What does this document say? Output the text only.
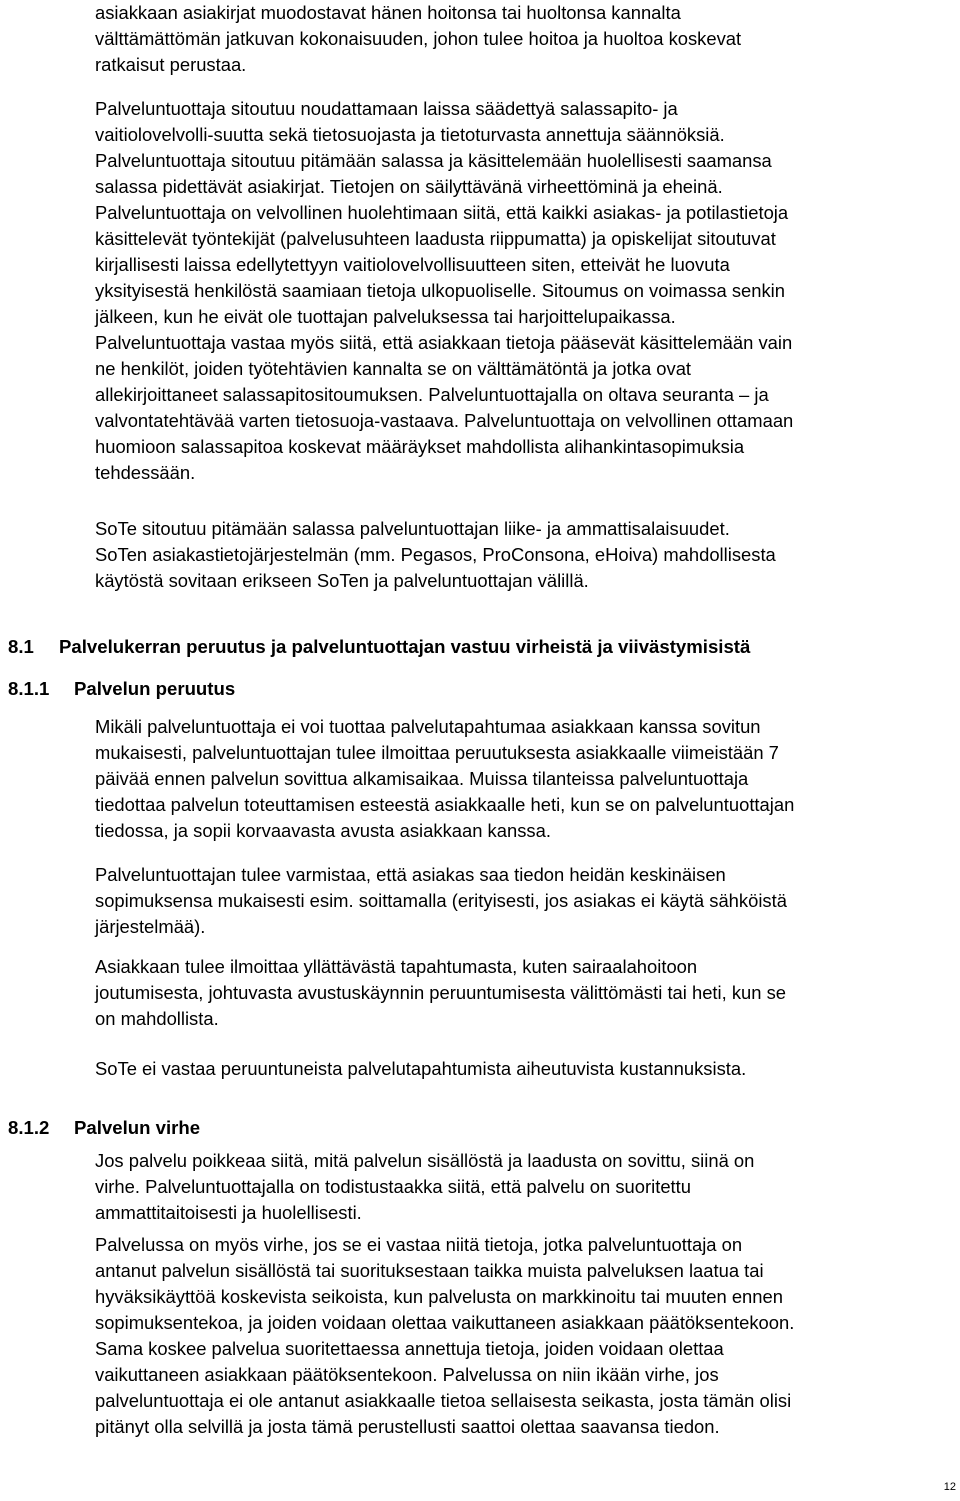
asiakkaan asiakirjat muodostavat hänen hoitonsa tai huoltonsa kannalta
välttämättömän jatkuvan kokonaisuuden, johon tulee hoitoa ja huoltoa koskevat
ratkaisut perustaa.
Palveluntuottaja sitoutuu noudattamaan laissa säädettyä salassapito- ja
vaitiolovelvolli-suutta sekä tietosuojasta ja tietoturvasta annettuja säännöksiä.
Palveluntuottaja sitoutuu pitämään salassa ja käsittelemään huolellisesti saamansa
salassa pidettävät asiakirjat. Tietojen on säilyttävänä virheettöminä ja eheinä.
Palveluntuottaja on velvollinen huolehtimaan siitä, että kaikki asiakas- ja potilastietoja
käsittelevät työntekijät (palvelusuhteen laadusta riippumatta) ja opiskelijat sitoutuvat
kirjallisesti laissa edellytettyyn vaitiolovelvollisuutteen siten, etteivät he luovuta
yksityisestä henkilöstä saamiaan tietoja ulkopuoliselle. Sitoumus on voimassa senkin
jälkeen, kun he eivät ole tuottajan palveluksessa tai harjoittelupaikassa.
Palveluntuottaja vastaa myös siitä, että asiakkaan tietoja pääsevät käsittelemään vain
ne henkilöt, joiden työtehtävien kannalta se on välttämätöntä ja jotka ovat
allekirjoittaneet salassapitositoumuksen. Palveluntuottajalla on oltava seuranta – ja
valvontatehtävää varten tietosuoja-vastaava. Palveluntuottaja on velvollinen ottamaan
huomioon salassapitoa koskevat määräykset mahdollista alihankintasopimuksia
tehdessään.
SoTe sitoutuu pitämään salassa palveluntuottajan liike- ja ammattisalaisuudet.
SoTen asiakastietojärjestelmän (mm. Pegasos, ProConsona, eHoiva) mahdollisesta
käytöstä sovitaan erikseen SoTen ja palveluntuottajan välillä.
8.1 Palvelukerran peruutus ja palveluntuottajan vastuu virheistä ja viivästymisistä
8.1.1 Palvelun peruutus
Mikäli palveluntuottaja ei voi tuottaa palvelutapahtumaa asiakkaan kanssa sovitun
mukaisesti, palveluntuottajan tulee ilmoittaa peruutuksesta asiakkaalle viimeistään 7
päivää ennen palvelun sovittua alkamisaikaa. Muissa tilanteissa palveluntuottaja
tiedottaa palvelun toteuttamisen esteestä asiakkaalle heti, kun se on palveluntuottajan
tiedossa, ja sopii korvaavasta avusta asiakkaan kanssa.
Palveluntuottajan tulee varmistaa, että asiakas saa tiedon heidän keskinäisen
sopimuksensa mukaisesti esim. soittamalla (erityisesti, jos asiakas ei käytä sähköistä
järjestelmää).
Asiakkaan tulee ilmoittaa yllättävästä tapahtumasta, kuten sairaalahoitoon
joutumisesta, johtuvasta avustuskäynnin peruuntumisesta välittömästi tai heti, kun se
on mahdollista.
SoTe ei vastaa peruuntuneista palvelutapahtumista aiheutuvista kustannuksista.
8.1.2 Palvelun virhe
Jos palvelu poikkeaa siitä, mitä palvelun sisällöstä ja laadusta on sovittu, siinä on
virhe. Palveluntuottajalla on todistustaakka siitä, että palvelu on suoritettu
ammattitaitoisesti ja huolellisesti.
Palvelussa on myös virhe, jos se ei vastaa niitä tietoja, jotka palveluntuottaja on
antanut palvelun sisällöstä tai suorituksestaan taikka muista palveluksen laatua tai
hyväksikäyttöä koskevista seikoista, kun palvelusta on markkinoitu tai muuten ennen
sopimuksentekoa, ja joiden voidaan olettaa vaikuttaneen asiakkaan päätöksentekoon.
Sama koskee palvelua suoritettaessa annettuja tietoja, joiden voidaan olettaa
vaikuttaneen asiakkaan päätöksentekoon. Palvelussa on niin ikään virhe, jos
palveluntuottaja ei ole antanut asiakkaalle tietoa sellaisesta seikasta, josta tämän olisi
pitänyt olla selvillä ja josta tämä perustellusti saattoi olettaa saavansa tiedon.
12
